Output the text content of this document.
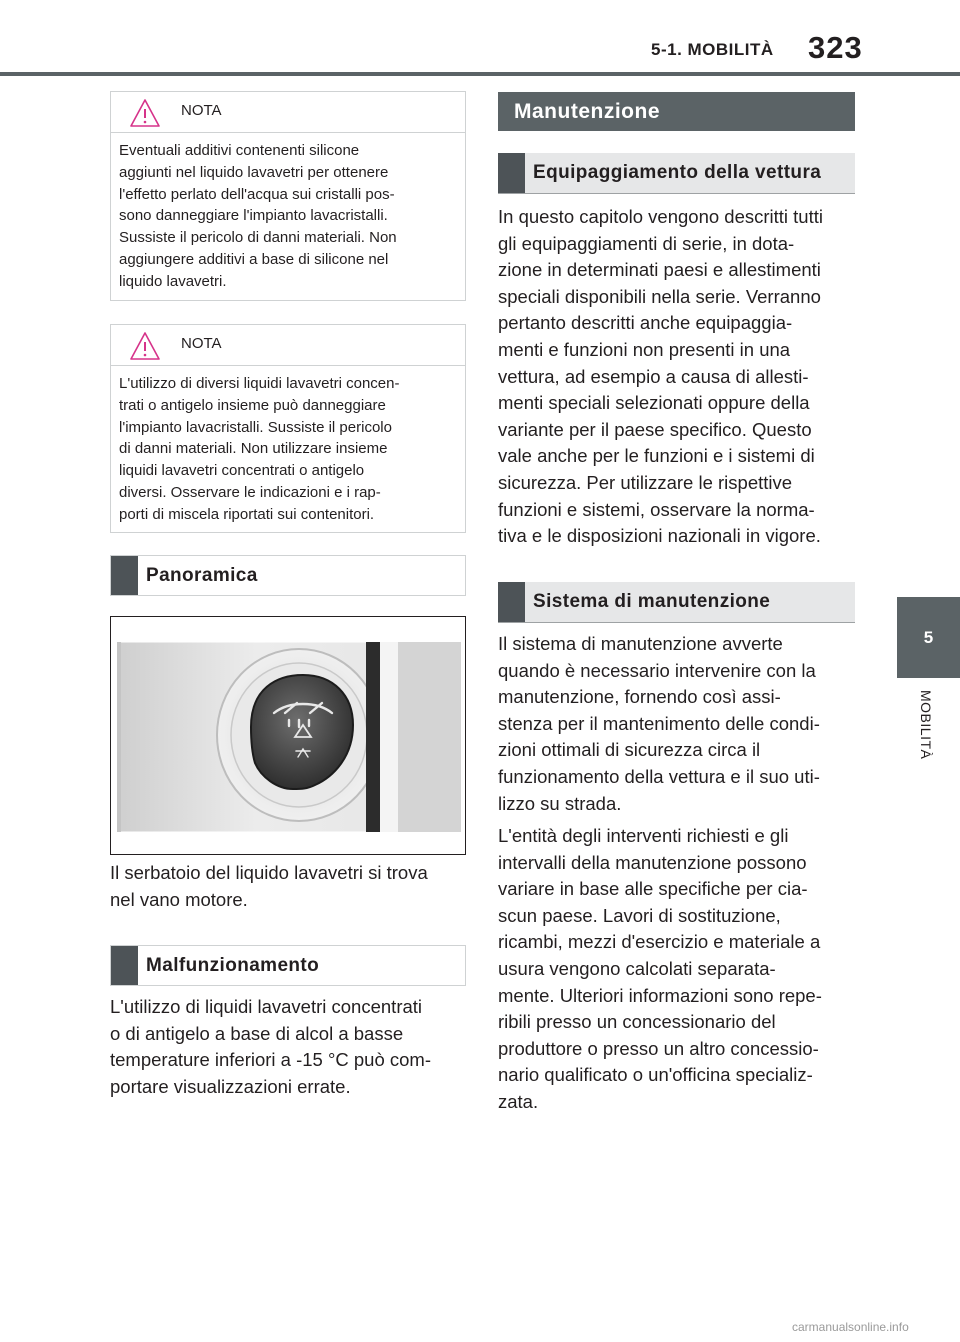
5-1. MOBILITÀ 323
5
MOBILITÀ
NOTA
Eventuali additivi contenenti silicone
aggiunti nel liquido lavavetri per ottenere
l'effetto perlato dell'acqua sui cristalli pos-
sono danneggiare l'impianto lavacristalli.
Sussiste il pericolo di danni materiali. Non
aggiungere additivi a base di silicone nel
liquido lavavetri.
NOTA
L'utilizzo di diversi liquidi lavavetri concen-
trati o antigelo insieme può danneggiare
l'impianto lavacristalli. Sussiste il pericolo
di danni materiali. Non utilizzare insieme
liquidi lavavetri concentrati o antigelo
diversi. Osservare le indicazioni e i rap-
porti di miscela riportati sui contenitori.
Panoramica

Il serbatoio del liquido lavavetri si trova
nel vano motore.

Malfunzionamento

L'utilizzo di liquidi lavavetri concentrati
o di antigelo a base di alcol a basse
temperature inferiori a -15 °C può com-
portare visualizzazioni errate.

Manutenzione
Equipaggiamento della vettura

In questo capitolo vengono descritti tutti
gli equipaggiamenti di serie, in dota-
zione in determinati paesi e allestimenti
speciali disponibili nella serie. Verranno
pertanto descritti anche equipaggia-
menti e funzioni non presenti in una
vettura, ad esempio a causa di allesti-
menti speciali selezionati oppure della
variante per il paese specifico. Questo
vale anche per le funzioni e i sistemi di
sicurezza. Per utilizzare le rispettive
funzioni e sistemi, osservare la norma-
tiva e le disposizioni nazionali in vigore.

Sistema di manutenzione

Il sistema di manutenzione avverte
quando è necessario intervenire con la
manutenzione, fornendo così assi-
stenza per il mantenimento delle condi-
zioni ottimali di sicurezza circa il
funzionamento della vettura e il suo uti-
lizzo su strada.

L'entità degli interventi richiesti e gli
intervalli della manutenzione possono
variare in base alle specifiche per cia-
scun paese. Lavori di sostituzione,
ricambi, mezzi d'esercizio e materiale a
usura vengono calcolati separata-
mente. Ulteriori informazioni sono repe-
ribili presso un concessionario del
produttore o presso un altro concessio-
nario qualificato o un'officina specializ-
zata.

carmanualsonline.info
